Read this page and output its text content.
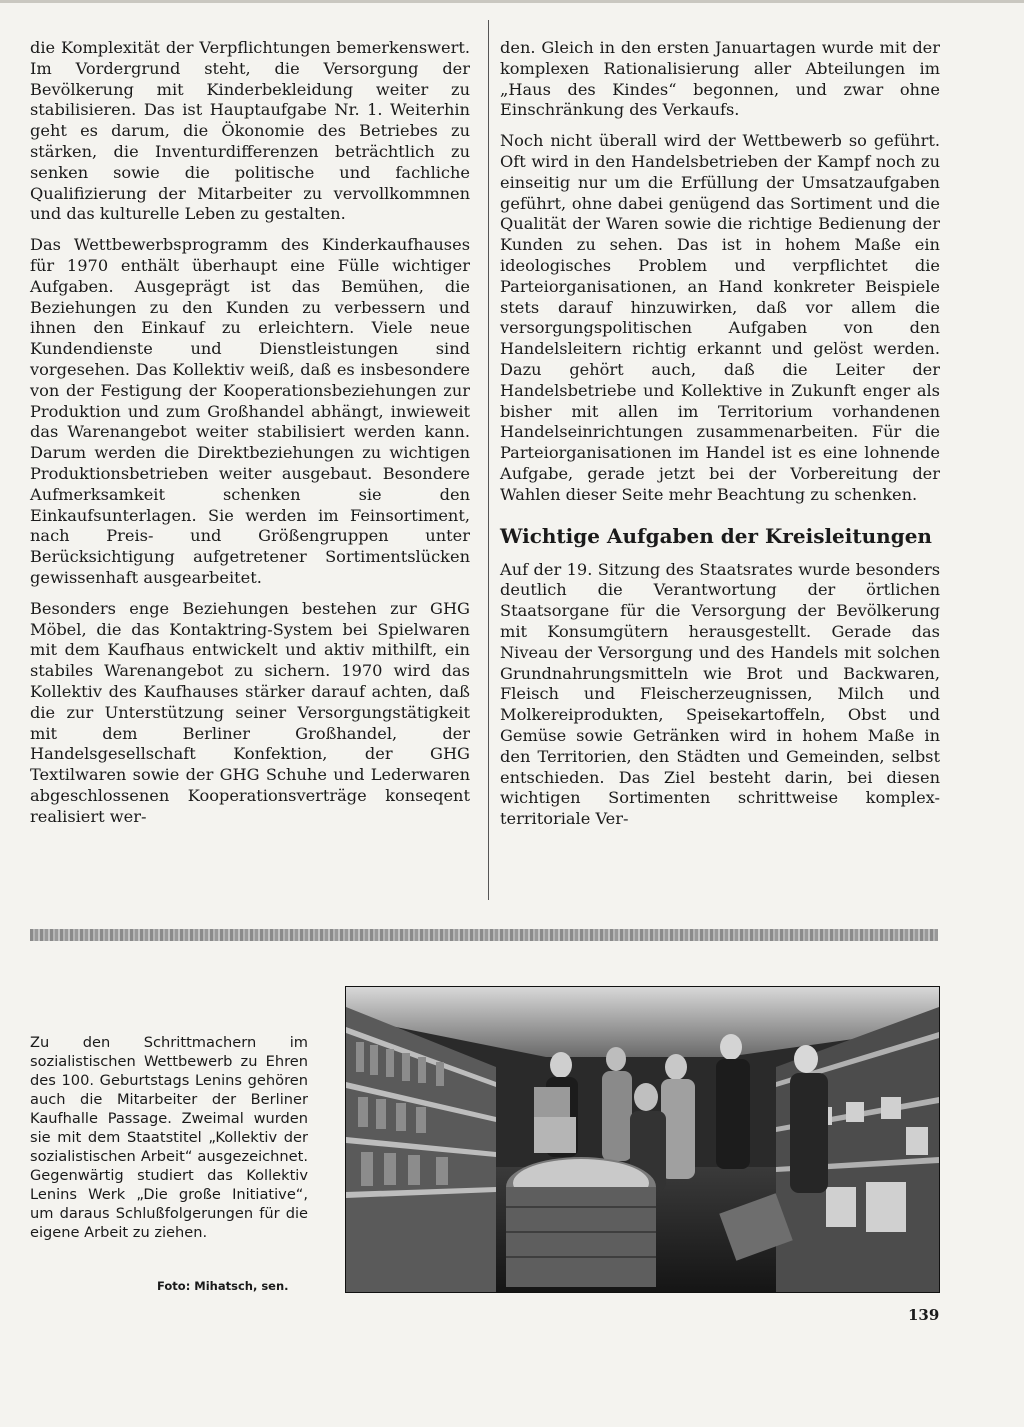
die Komplexität der Verpflichtungen bemerkenswert. Im Vordergrund steht, die Versorgung der Bevölkerung mit Kinderbekleidung weiter zu stabilisieren. Das ist Hauptaufgabe Nr. 1. Weiterhin geht es darum, die Ökonomie des Betriebes zu stärken, die Inventurdifferenzen beträchtlich zu senken sowie die politische und fachliche Qualifizierung der Mitarbeiter zu vervollkommnen und das kulturelle Leben zu gestalten.

Das Wettbewerbsprogramm des Kinderkaufhauses für 1970 enthält überhaupt eine Fülle wichtiger Aufgaben. Ausgeprägt ist das Bemühen, die Beziehungen zu den Kunden zu verbessern und ihnen den Einkauf zu erleichtern. Viele neue Kundendienste und Dienstleistungen sind vorgesehen. Das Kollektiv weiß, daß es insbesondere von der Festigung der Kooperationsbeziehungen zur Produktion und zum Großhandel abhängt, inwieweit das Warenangebot weiter stabilisiert werden kann. Darum werden die Direktbeziehungen zu wichtigen Produktionsbetrieben weiter ausgebaut. Besondere Aufmerksamkeit schenken sie den Einkaufsunterlagen. Sie werden im Feinsortiment, nach Preis- und Größengruppen unter Berücksichtigung aufgetretener Sortimentslücken gewissenhaft ausgearbeitet.

Besonders enge Beziehungen bestehen zur GHG Möbel, die das Kontaktring-System bei Spielwaren mit dem Kaufhaus entwickelt und aktiv mithilft, ein stabiles Warenangebot zu sichern. 1970 wird das Kollektiv des Kaufhauses stärker darauf achten, daß die zur Unterstützung seiner Versorgungstätigkeit mit dem Berliner Großhandel, der Handelsgesellschaft Konfektion, der GHG Textilwaren sowie der GHG Schuhe und Lederwaren abgeschlossenen Kooperationsverträge konseqent realisiert wer-

den. Gleich in den ersten Januartagen wurde mit der komplexen Rationalisierung aller Abteilungen im „Haus des Kindes“ begonnen, und zwar ohne Einschränkung des Verkaufs.

Noch nicht überall wird der Wettbewerb so geführt. Oft wird in den Handelsbetrieben der Kampf noch zu einseitig nur um die Erfüllung der Umsatzaufgaben geführt, ohne dabei genügend das Sortiment und die Qualität der Waren sowie die richtige Bedienung der Kunden zu sehen. Das ist in hohem Maße ein ideologisches Problem und verpflichtet die Parteiorganisationen, an Hand konkreter Beispiele stets darauf hinzuwirken, daß vor allem die versorgungspolitischen Aufgaben von den Handelsleitern richtig erkannt und gelöst werden. Dazu gehört auch, daß die Leiter der Handelsbetriebe und Kollektive in Zukunft enger als bisher mit allen im Territorium vorhandenen Handelseinrichtungen zusammenarbeiten. Für die Parteiorganisationen im Handel ist es eine lohnende Aufgabe, gerade jetzt bei der Vorbereitung der Wahlen dieser Seite mehr Beachtung zu schenken.

Wichtige Aufgaben der Kreisleitungen

Auf der 19. Sitzung des Staatsrates wurde besonders deutlich die Verantwortung der örtlichen Staatsorgane für die Versorgung der Bevölkerung mit Konsumgütern herausgestellt. Gerade das Niveau der Versorgung und des Handels mit solchen Grundnahrungsmitteln wie Brot und Backwaren, Fleisch und Fleischerzeugnissen, Milch und Molkereiprodukten, Speisekartoffeln, Obst und Gemüse sowie Getränken wird in hohem Maße in den Territorien, den Städten und Gemeinden, selbst entschieden. Das Ziel besteht darin, bei diesen wichtigen Sortimenten schrittweise komplex-territoriale Ver-

Zu den Schrittmachern im sozialistischen Wettbewerb zu Ehren des 100. Geburtstags Lenins gehören auch die Mitarbeiter der Berliner Kaufhalle Passage. Zweimal wurden sie mit dem Staatstitel „Kollektiv der sozialistischen Arbeit“ ausgezeichnet. Gegenwärtig studiert das Kollektiv Lenins Werk „Die große Initiative“, um daraus Schlußfolgerungen für die eigene Arbeit zu ziehen.

Foto: Mihatsch, sen.

139
